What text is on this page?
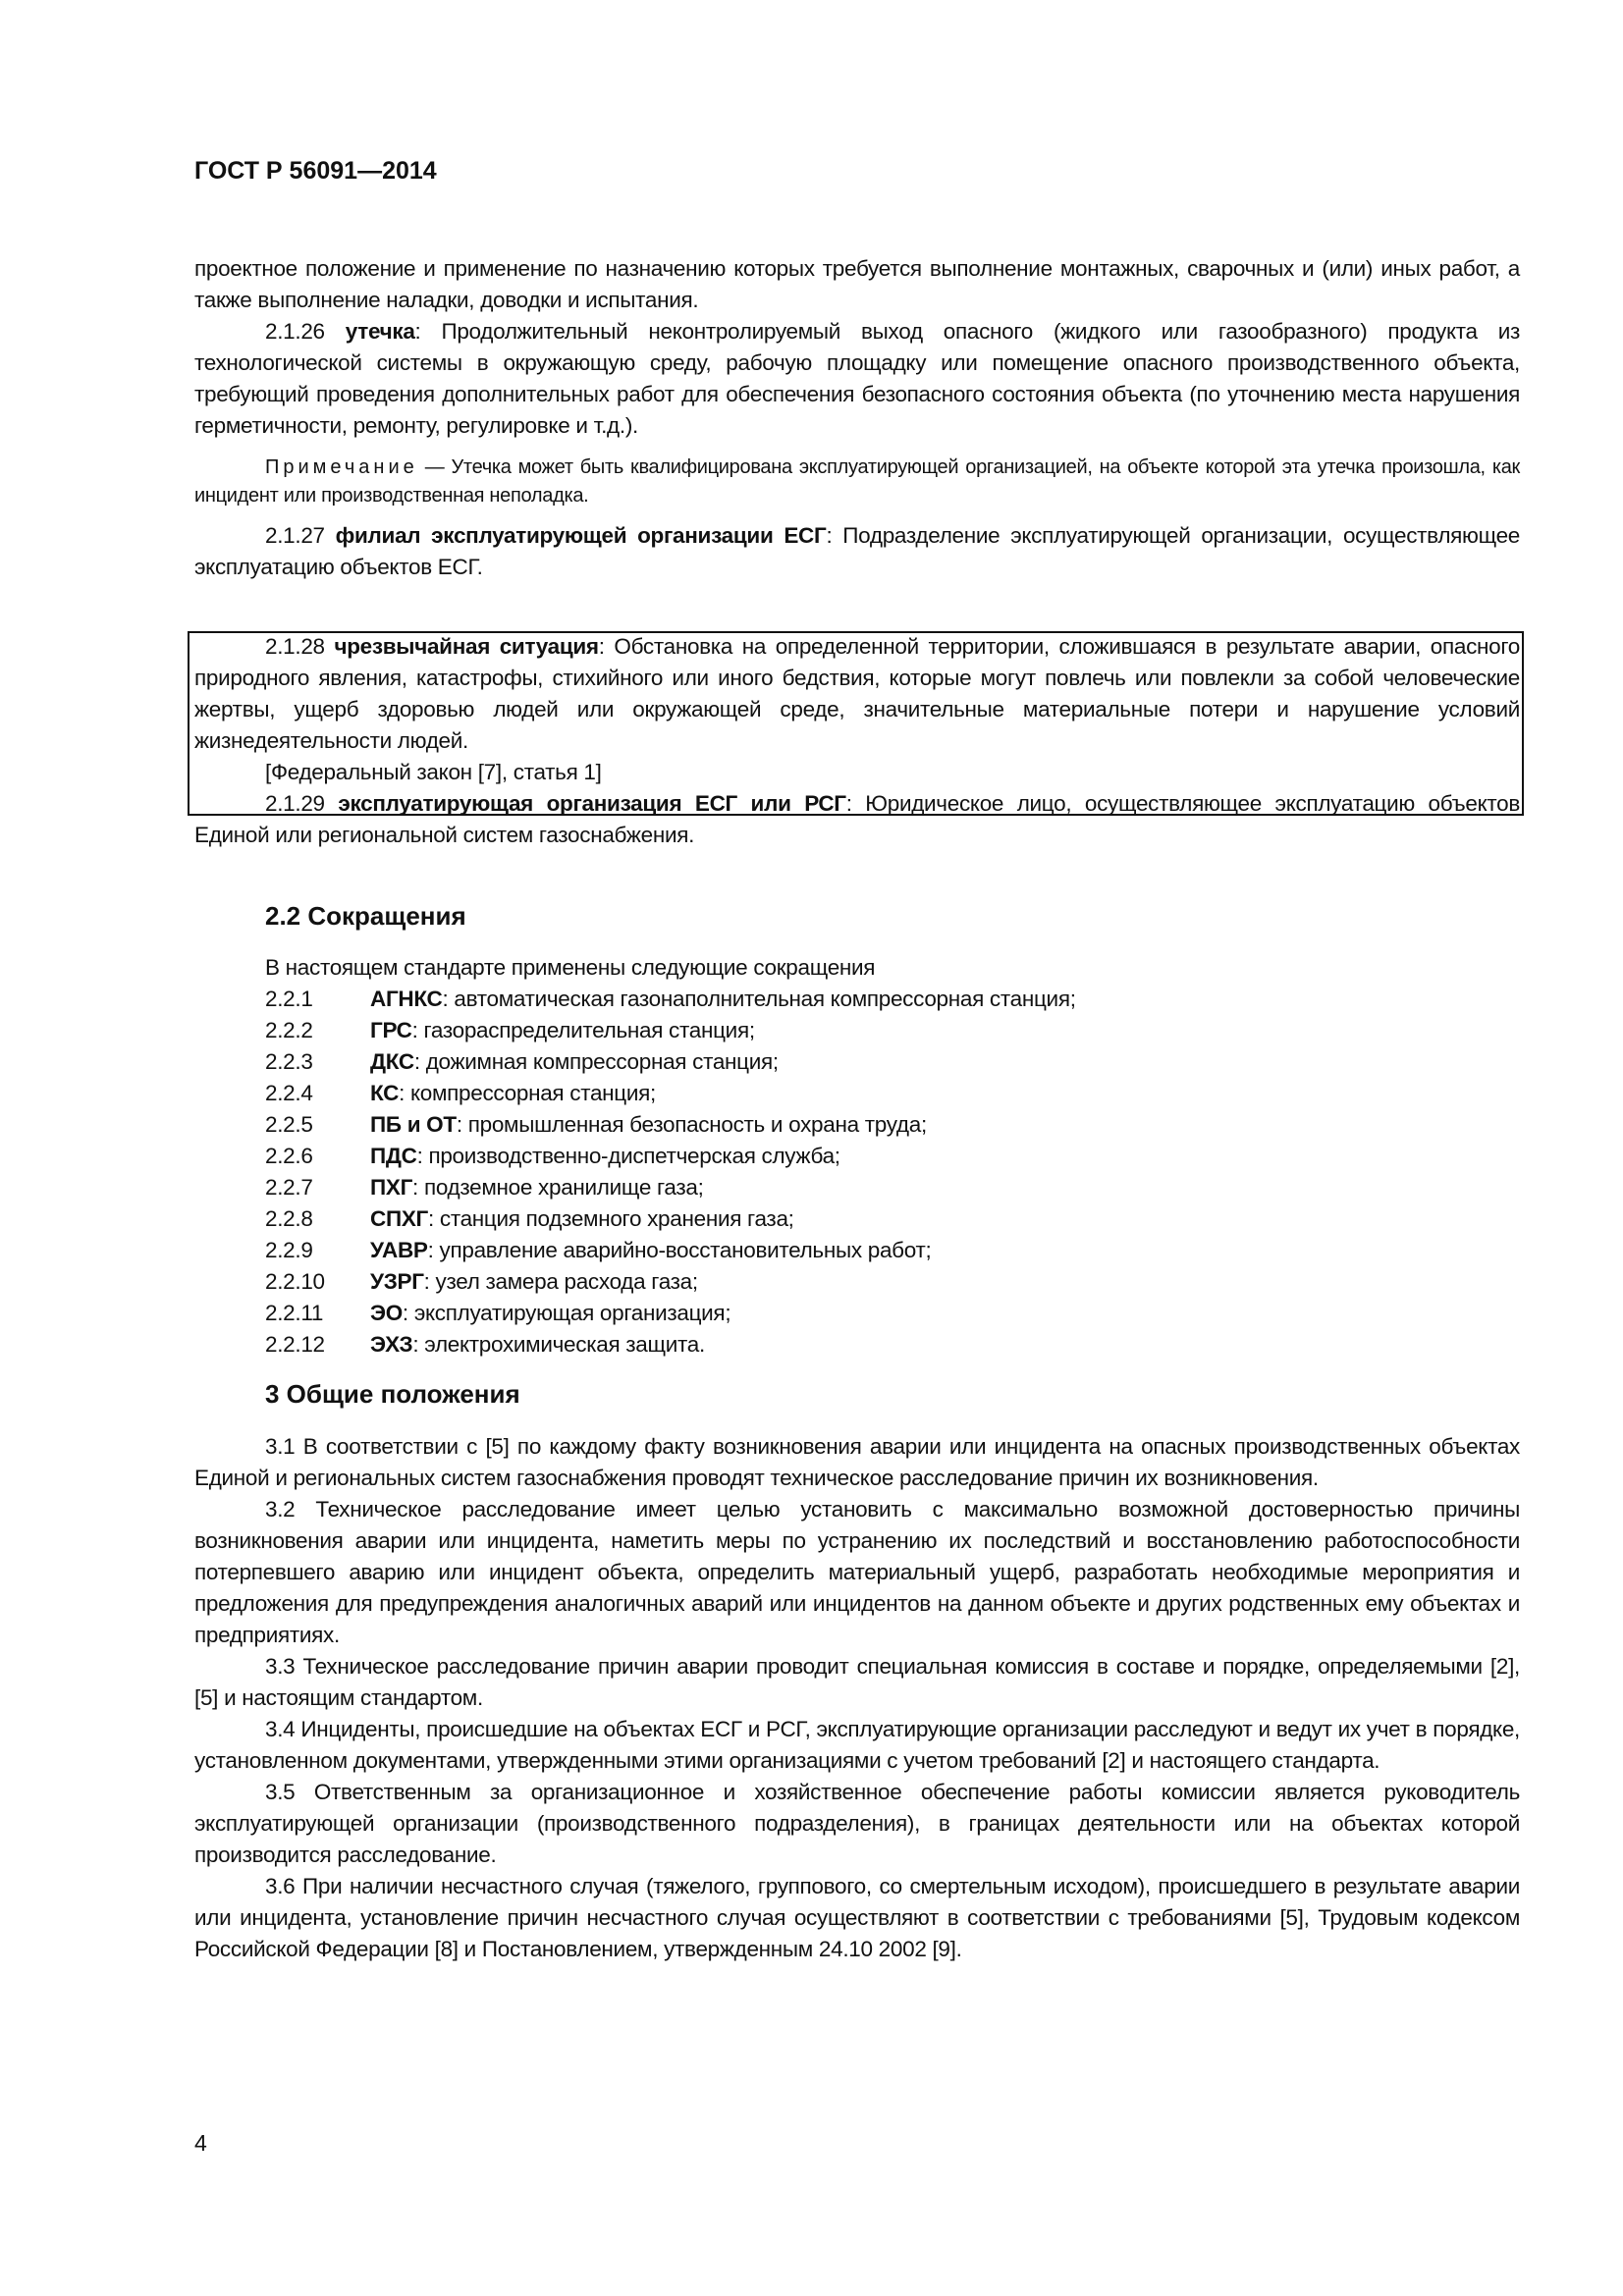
ГОСТ Р 56091—2014

проектное положение и применение по назначению которых требуется выполнение монтажных, сварочных и (или) иных работ, а также выполнение наладки, доводки и испытания.

2.1.26 утечка: Продолжительный неконтролируемый выход опасного (жидкого или газообразного) продукта из технологической системы в окружающую среду, рабочую площадку или помещение опасного производственного объекта, требующий проведения дополнительных работ для обеспечения безопасного состояния объекта (по уточнению места нарушения герметичности, ремонту, регулировке и т.д.).

Примечание — Утечка может быть квалифицирована эксплуатирующей организацией, на объекте которой эта утечка произошла, как инцидент или производственная неполадка.

2.1.27 филиал эксплуатирующей организации ЕСГ: Подразделение эксплуатирующей организации, осуществляющее эксплуатацию объектов ЕСГ.

2.1.28 чрезвычайная ситуация: Обстановка на определенной территории, сложившаяся в результате аварии, опасного природного явления, катастрофы, стихийного или иного бедствия, которые могут повлечь или повлекли за собой человеческие жертвы, ущерб здоровью людей или окружающей среде, значительные материальные потери и нарушение условий жизнедеятельности людей.

[Федеральный закон [7], статья 1]

2.1.29 эксплуатирующая организация ЕСГ или РСГ: Юридическое лицо, осуществляющее эксплуатацию объектов Единой или региональной систем газоснабжения.

2.2 Сокращения

В настоящем стандарте применены следующие сокращения

2.2.1	АГНКС: автоматическая газонаполнительная компрессорная станция;
2.2.2	ГРС: газораспределительная станция;
2.2.3	ДКС: дожимная компрессорная станция;
2.2.4	КС: компрессорная станция;
2.2.5	ПБ и ОТ: промышленная безопасность и охрана труда;
2.2.6	ПДС: производственно-диспетчерская служба;
2.2.7	ПХГ: подземное хранилище газа;
2.2.8	СПХГ: станция подземного хранения газа;
2.2.9	УАВР: управление аварийно-восстановительных работ;
2.2.10	УЗРГ: узел замера расхода газа;
2.2.11	ЭО: эксплуатирующая организация;
2.2.12	ЭХЗ: электрохимическая защита.
3 Общие положения

3.1 В соответствии с [5] по каждому факту возникновения аварии или инцидента на опасных производственных объектах Единой и региональных систем газоснабжения проводят техническое расследование причин их возникновения.

3.2 Техническое расследование имеет целью установить с максимально возможной достоверностью причины возникновения аварии или инцидента, наметить меры по устранению их последствий и восстановлению работоспособности потерпевшего аварию или инцидент объекта, определить материальный ущерб, разработать необходимые мероприятия и предложения для предупреждения аналогичных аварий или инцидентов на данном объекте и других родственных ему объектах и предприятиях.

3.3 Техническое расследование причин аварии проводит специальная комиссия в составе и порядке, определяемыми [2], [5] и настоящим стандартом.

3.4 Инциденты, происшедшие на объектах ЕСГ и РСГ, эксплуатирующие организации расследуют и ведут их учет в порядке, установленном документами, утвержденными этими организациями с учетом требований [2] и настоящего стандарта.

3.5 Ответственным за организационное и хозяйственное обеспечение работы комиссии является руководитель эксплуатирующей организации (производственного подразделения), в границах деятельности или на объектах которой производится расследование.

3.6 При наличии несчастного случая (тяжелого, группового, со смертельным исходом), происшедшего в результате аварии или инцидента, установление причин несчастного случая осуществляют в соответствии с требованиями [5], Трудовым кодексом Российской Федерации [8] и Постановлением, утвержденным 24.10 2002 [9].

4
